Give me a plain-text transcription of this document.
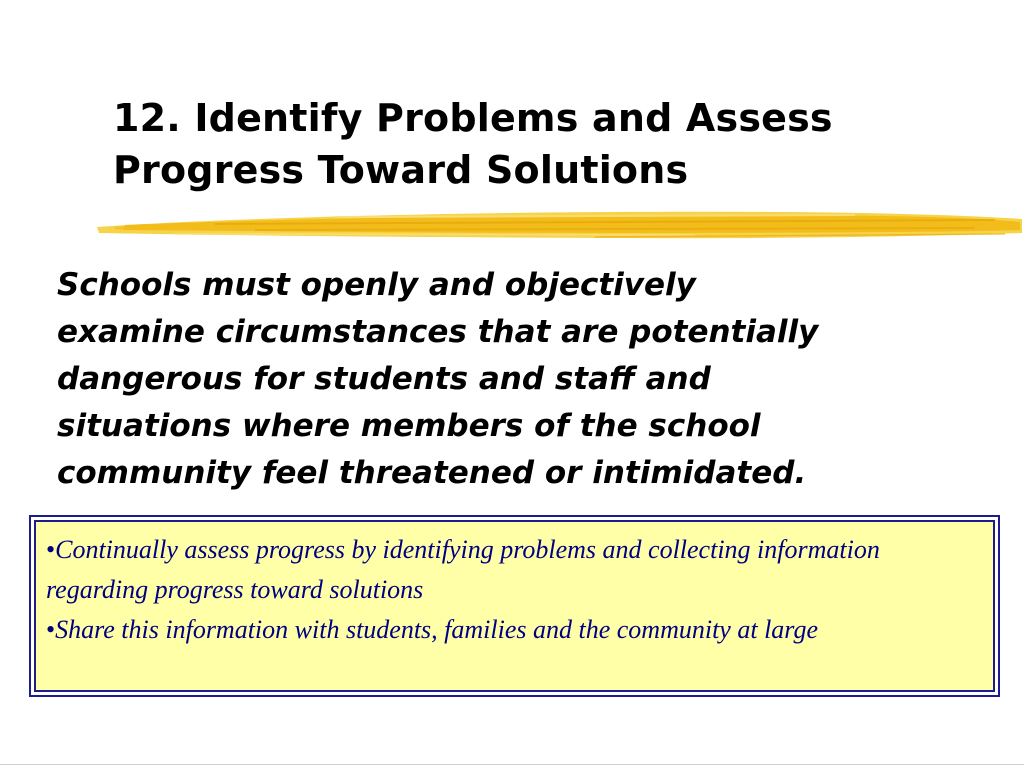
12. Identify Problems and Assess
Progress Toward Solutions

Schools must openly and objectively
examine circumstances that are potentially
dangerous for students and staff and
situations where members of the school
community feel threatened or intimidated.

•Continually assess progress by identifying problems and collecting information regarding progress toward solutions

•Share this information with students, families and the community at large
